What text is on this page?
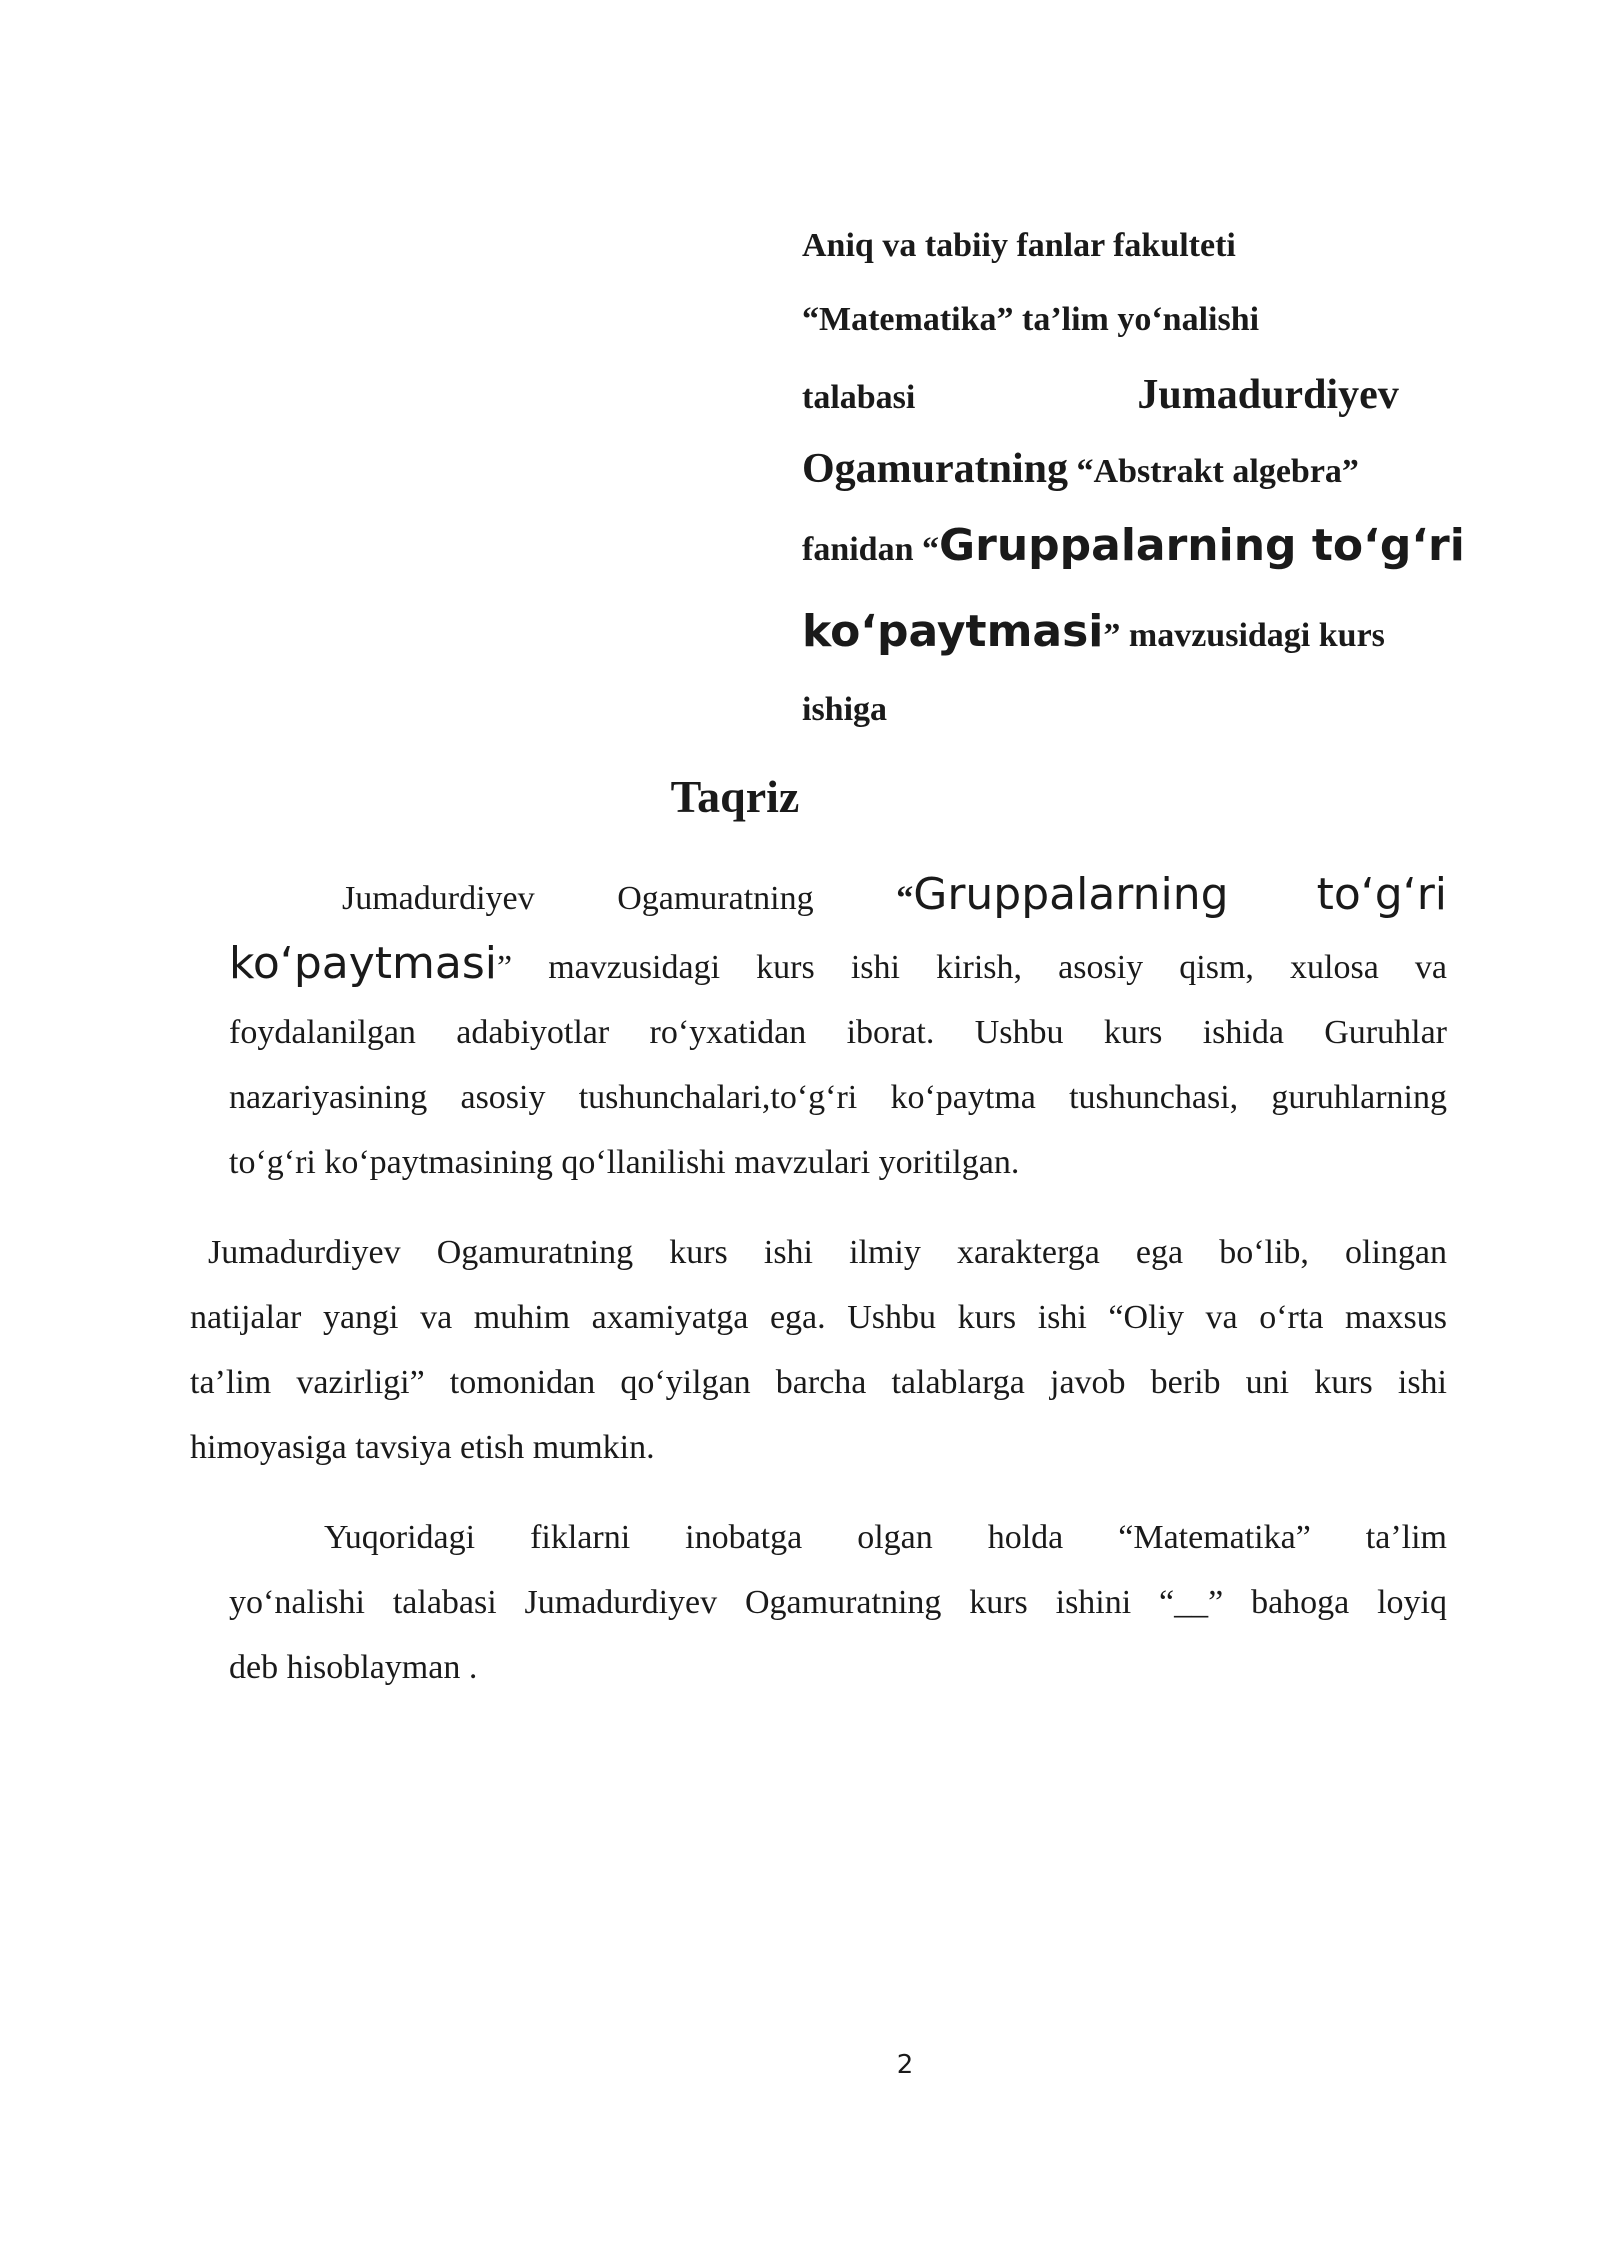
Aniq va tabiiy fanlar fakulteti
“Matematika” ta’lim yo‘nalishi
talabasi	Jumadurdiyev
Ogamuratning “Abstrakt algebra”
fanidan “Gruppalarning to‘g‘ri
ko‘paytmasi” mavzusidagi kurs
ishiga
Taqriz
Jumadurdiyev Ogamuratning “Gruppalarning to‘g‘ri
ko‘paytmasi” mavzusidagi kurs ishi kirish, asosiy qism, xulosa va
foydalanilgan adabiyotlar ro‘yxatidan iborat. Ushbu kurs ishida Guruhlar
nazariyasining asosiy tushunchalari,to‘g‘ri ko‘paytma tushunchasi, guruhlarning
to‘g‘ri ko‘paytmasining qo‘llanilishi mavzulari yoritilgan.
Jumadurdiyev Ogamuratning kurs ishi ilmiy xarakterga ega bo‘lib, olingan
natijalar yangi va muhim axamiyatga ega. Ushbu kurs ishi “Oliy va o‘rta maxsus
ta’lim vazirligi” tomonidan qo‘yilgan barcha talablarga javob berib uni kurs ishi
himoyasiga tavsiya etish mumkin.
Yuqoridagi fiklarni inobatga olgan holda “Matematika” ta’lim
yo‘nalishi talabasi Jumadurdiyev Ogamuratning kurs ishini “__” bahoga loyiq
deb hisoblayman .
2
